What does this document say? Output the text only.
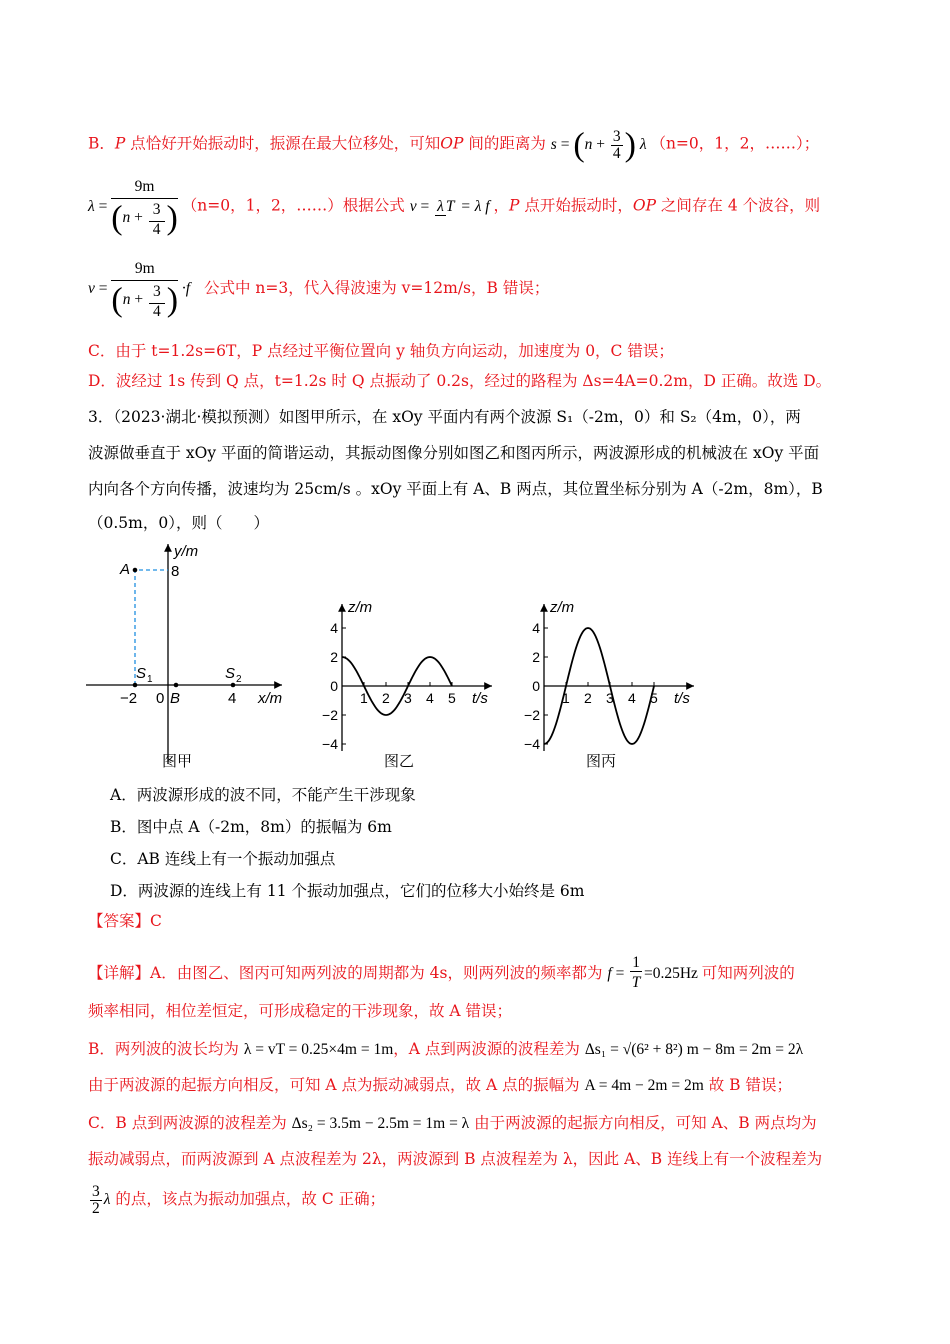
B．P 点恰好开始振动时，振源在最大位移处，可知OP 间的距离为 $s = (n + \frac{3}{4}$ ) λ （n=0，1，2，……）；
$\lambda = \frac{9m}{(n + \frac{3}{4} )} (n=0$，1，2，……）根据公式 v = λ T = λ f ，P 点开始振动时，OP 之间存在 4 个波谷，则
$v = \frac{9m}{(n + \frac{3}{4} )} \cdot f$ 公式中 n=3，代入得波速为 v=12m/s，B 错误；
C．由于 t=1.2s=6T，P 点经过平衡位置向 y 轴负方向运动，加速度为 0，C 错误；
D．波经过 1s 传到 Q 点，t=1.2s 时 Q 点振动了 0.2s，经过的路程为 Δs=4A=0.2m，D 正确。故选 D。
3．（2023·湖北·模拟预测）如图甲所示，在 xOy 平面内有两个波源 S₁（-2m，0）和 S₂（4m，0），两
波源做垂直于 xOy 平面的简谐运动，其振动图像分别如图乙和图丙所示，两波源形成的机械波在 xOy 平面
内向各个方向传播，波速均为 25cm/s 。xOy 平面上有 A、B 两点，其位置坐标分别为 A（-2m，8m），B
（0.5m，0），则（　　）
y/m
x/m
A	8
S 1	S 2
−2 0 B	4
图甲
4
2
0
−2
−4
1 2 3 4 5
z/m
t/s
图乙
4
2
0
−2
−4
1 2 3 4 5
z/m
t/s
图丙
A．两波源形成的波不同，不能产生干涉现象
B．图中点 A（-2m，8m）的振幅为 6m
C．AB 连线上有一个振动加强点
D．两波源的连线上有 11 个振动加强点，它们的位移大小始终是 6m
【答案】C
【详解】A．由图乙、图丙可知两列波的周期都为 4s，则两列波的频率都为 $f = \frac{1}{T} =0.25Hz$ 可知两列波的
频率相同，相位差恒定，可形成稳定的干涉现象，故 A 错误；
B．两列波的波长均为 λ = vT = 0.25×4m = 1m，A 点到两波源的波程差为 Δs₁ = √(6² + 8²) m − 8m = 2m = 2λ
由于两波源的起振方向相反，可知 A 点为振动减弱点，故 A 点的振幅为 A = 4m − 2m = 2m 故 B 错误；
C．B 点到两波源的波程差为 Δs₂ = 3.5m − 2.5m = 1m = λ 由于两波源的起振方向相反，可知 A、B 两点均为
振动减弱点，而两波源到 A 点波程差为 2λ，两波源到 B 点波程差为 λ，因此 A、B 连线上有一个波程差为
$\frac{3}{2}$ λ 的点，该点为振动加强点，故 C 正确；
